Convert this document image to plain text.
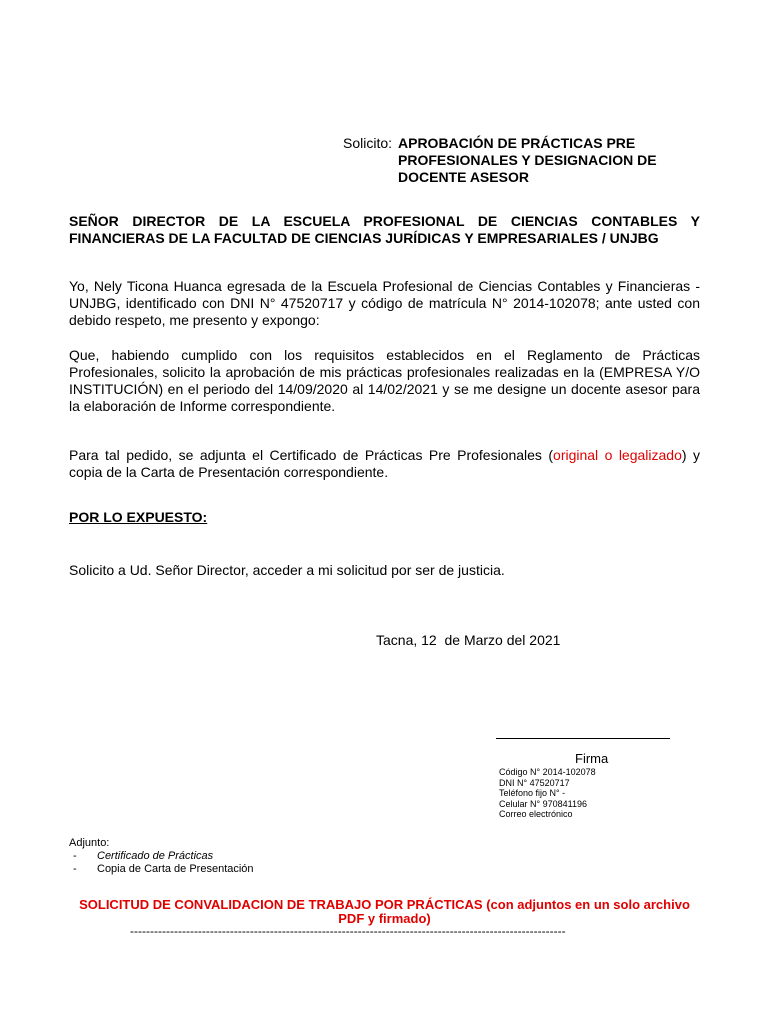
Solicito: APROBACIÓN DE PRÁCTICAS PRE
PROFESIONALES Y DESIGNACION DE
DOCENTE ASESOR
SEÑOR DIRECTOR DE LA ESCUELA PROFESIONAL DE CIENCIAS CONTABLES Y FINANCIERAS DE LA FACULTAD DE CIENCIAS JURÍDICAS Y EMPRESARIALES / UNJBG
Yo, Nely Ticona Huanca egresada de la Escuela Profesional de Ciencias Contables y Financieras - UNJBG, identificado con DNI N° 47520717 y código de matrícula N° 2014-102078; ante usted con debido respeto, me presento y expongo:
Que, habiendo cumplido con los requisitos establecidos en el Reglamento de Prácticas Profesionales, solicito la aprobación de mis prácticas profesionales realizadas en la (EMPRESA Y/O INSTITUCIÓN) en el periodo del 14/09/2020 al 14/02/2021 y se me designe un docente asesor para la elaboración de Informe correspondiente.
Para tal pedido, se adjunta el Certificado de Prácticas Pre Profesionales (original o legalizado) y copia de la Carta de Presentación correspondiente.
POR LO EXPUESTO:
Solicito a Ud. Señor Director, acceder a mi solicitud por ser de justicia.
Tacna, 12  de Marzo del 2021
Firma
Código N° 2014-102078
DNI N° 47520717
Teléfono fijo N° -
Celular N° 970841196
Correo electrónico
Adjunto:
- Certificado de Prácticas
- Copia de Carta de Presentación
SOLICITUD DE CONVALIDACION DE TRABAJO POR PRÁCTICAS (con adjuntos en un solo archivo
PDF y firmado)
-------------------------------------------------------------------------------------------------------------
